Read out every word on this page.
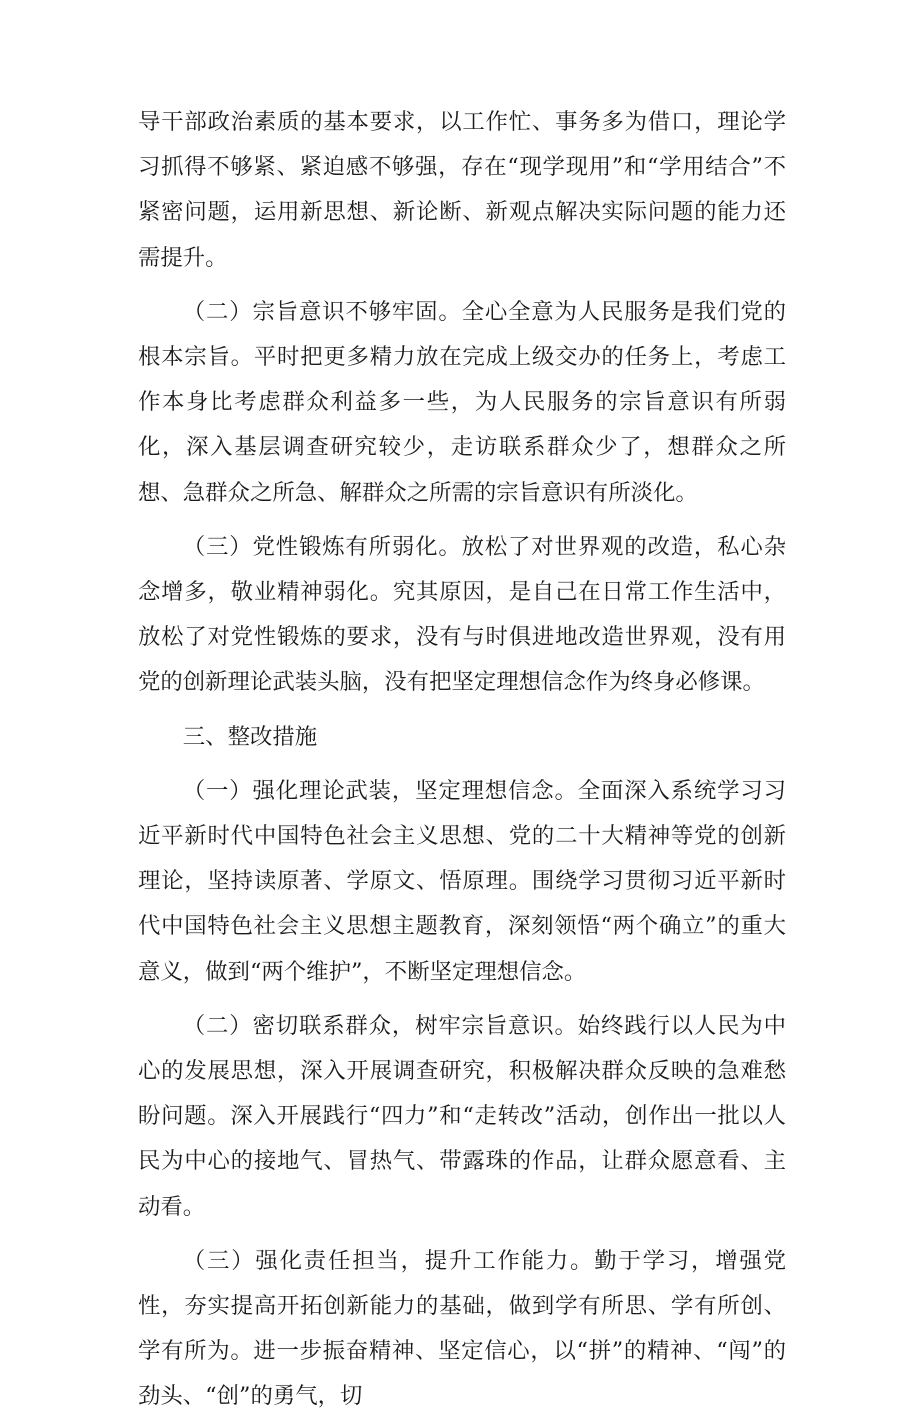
导干部政治素质的基本要求，以工作忙、事务多为借口，理论学习抓得不够紧、紧迫感不够强，存在“现学现用”和“学用结合”不紧密问题，运用新思想、新论断、新观点解决实际问题的能力还需提升。

（二）宗旨意识不够牢固。全心全意为人民服务是我们党的根本宗旨。平时把更多精力放在完成上级交办的任务上，考虑工作本身比考虑群众利益多一些，为人民服务的宗旨意识有所弱化，深入基层调查研究较少，走访联系群众少了，想群众之所想、急群众之所急、解群众之所需的宗旨意识有所淡化。

（三）党性锻炼有所弱化。放松了对世界观的改造，私心杂念增多，敬业精神弱化。究其原因，是自己在日常工作生活中，放松了对党性锻炼的要求，没有与时俱进地改造世界观，没有用党的创新理论武装头脑，没有把坚定理想信念作为终身必修课。

三、整改措施

（一）强化理论武装，坚定理想信念。全面深入系统学习习近平新时代中国特色社会主义思想、党的二十大精神等党的创新理论，坚持读原著、学原文、悟原理。围绕学习贯彻习近平新时代中国特色社会主义思想主题教育，深刻领悟“两个确立”的重大意义，做到“两个维护”，不断坚定理想信念。

（二）密切联系群众，树牢宗旨意识。始终践行以人民为中心的发展思想，深入开展调查研究，积极解决群众反映的急难愁盼问题。深入开展践行“四力”和“走转改”活动，创作出一批以人民为中心的接地气、冒热气、带露珠的作品，让群众愿意看、主动看。

（三）强化责任担当，提升工作能力。勤于学习，增强党性，夯实提高开拓创新能力的基础，做到学有所思、学有所创、学有所为。进一步振奋精神、坚定信心，以“拼”的精神、“闯”的劲头、“创”的勇气，切
